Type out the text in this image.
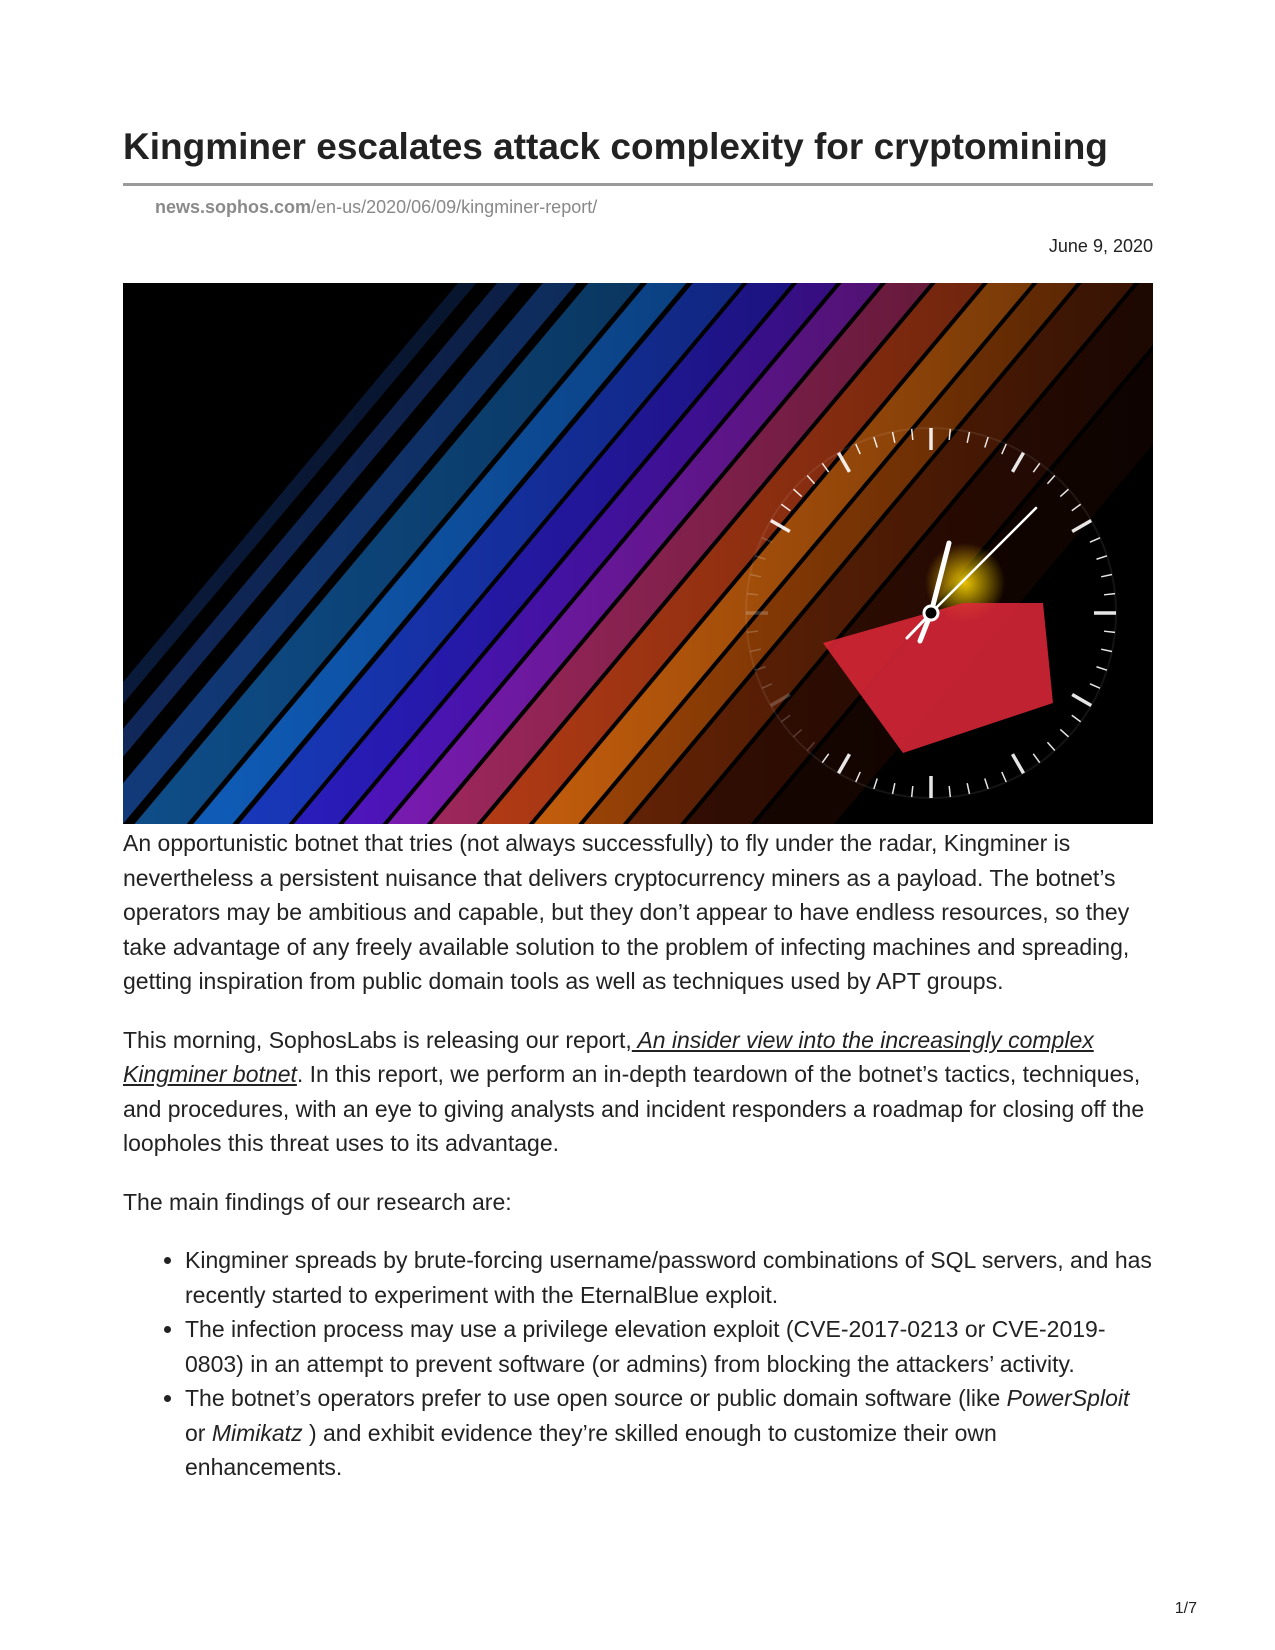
Kingminer escalates attack complexity for cryptomining
news.sophos.com/en-us/2020/06/09/kingminer-report/
June 9, 2020

An opportunistic botnet that tries (not always successfully) to fly under the radar, Kingminer is nevertheless a persistent nuisance that delivers cryptocurrency miners as a payload. The botnet’s operators may be ambitious and capable, but they don’t appear to have endless resources, so they take advantage of any freely available solution to the problem of infecting machines and spreading, getting inspiration from public domain tools as well as techniques used by APT groups.

This morning, SophosLabs is releasing our report, An insider view into the increasingly complex Kingminer botnet. In this report, we perform an in-depth teardown of the botnet’s tactics, techniques, and procedures, with an eye to giving analysts and incident responders a roadmap for closing off the loopholes this threat uses to its advantage.

The main findings of our research are:

• Kingminer spreads by brute-forcing username/password combinations of SQL servers, and has recently started to experiment with the EternalBlue exploit.
• The infection process may use a privilege elevation exploit (CVE-2017-0213 or CVE-2019-0803) in an attempt to prevent software (or admins) from blocking the attackers’ activity.
• The botnet’s operators prefer to use open source or public domain software (like PowerSploit or Mimikatz ) and exhibit evidence they’re skilled enough to customize their own enhancements.
1/7
